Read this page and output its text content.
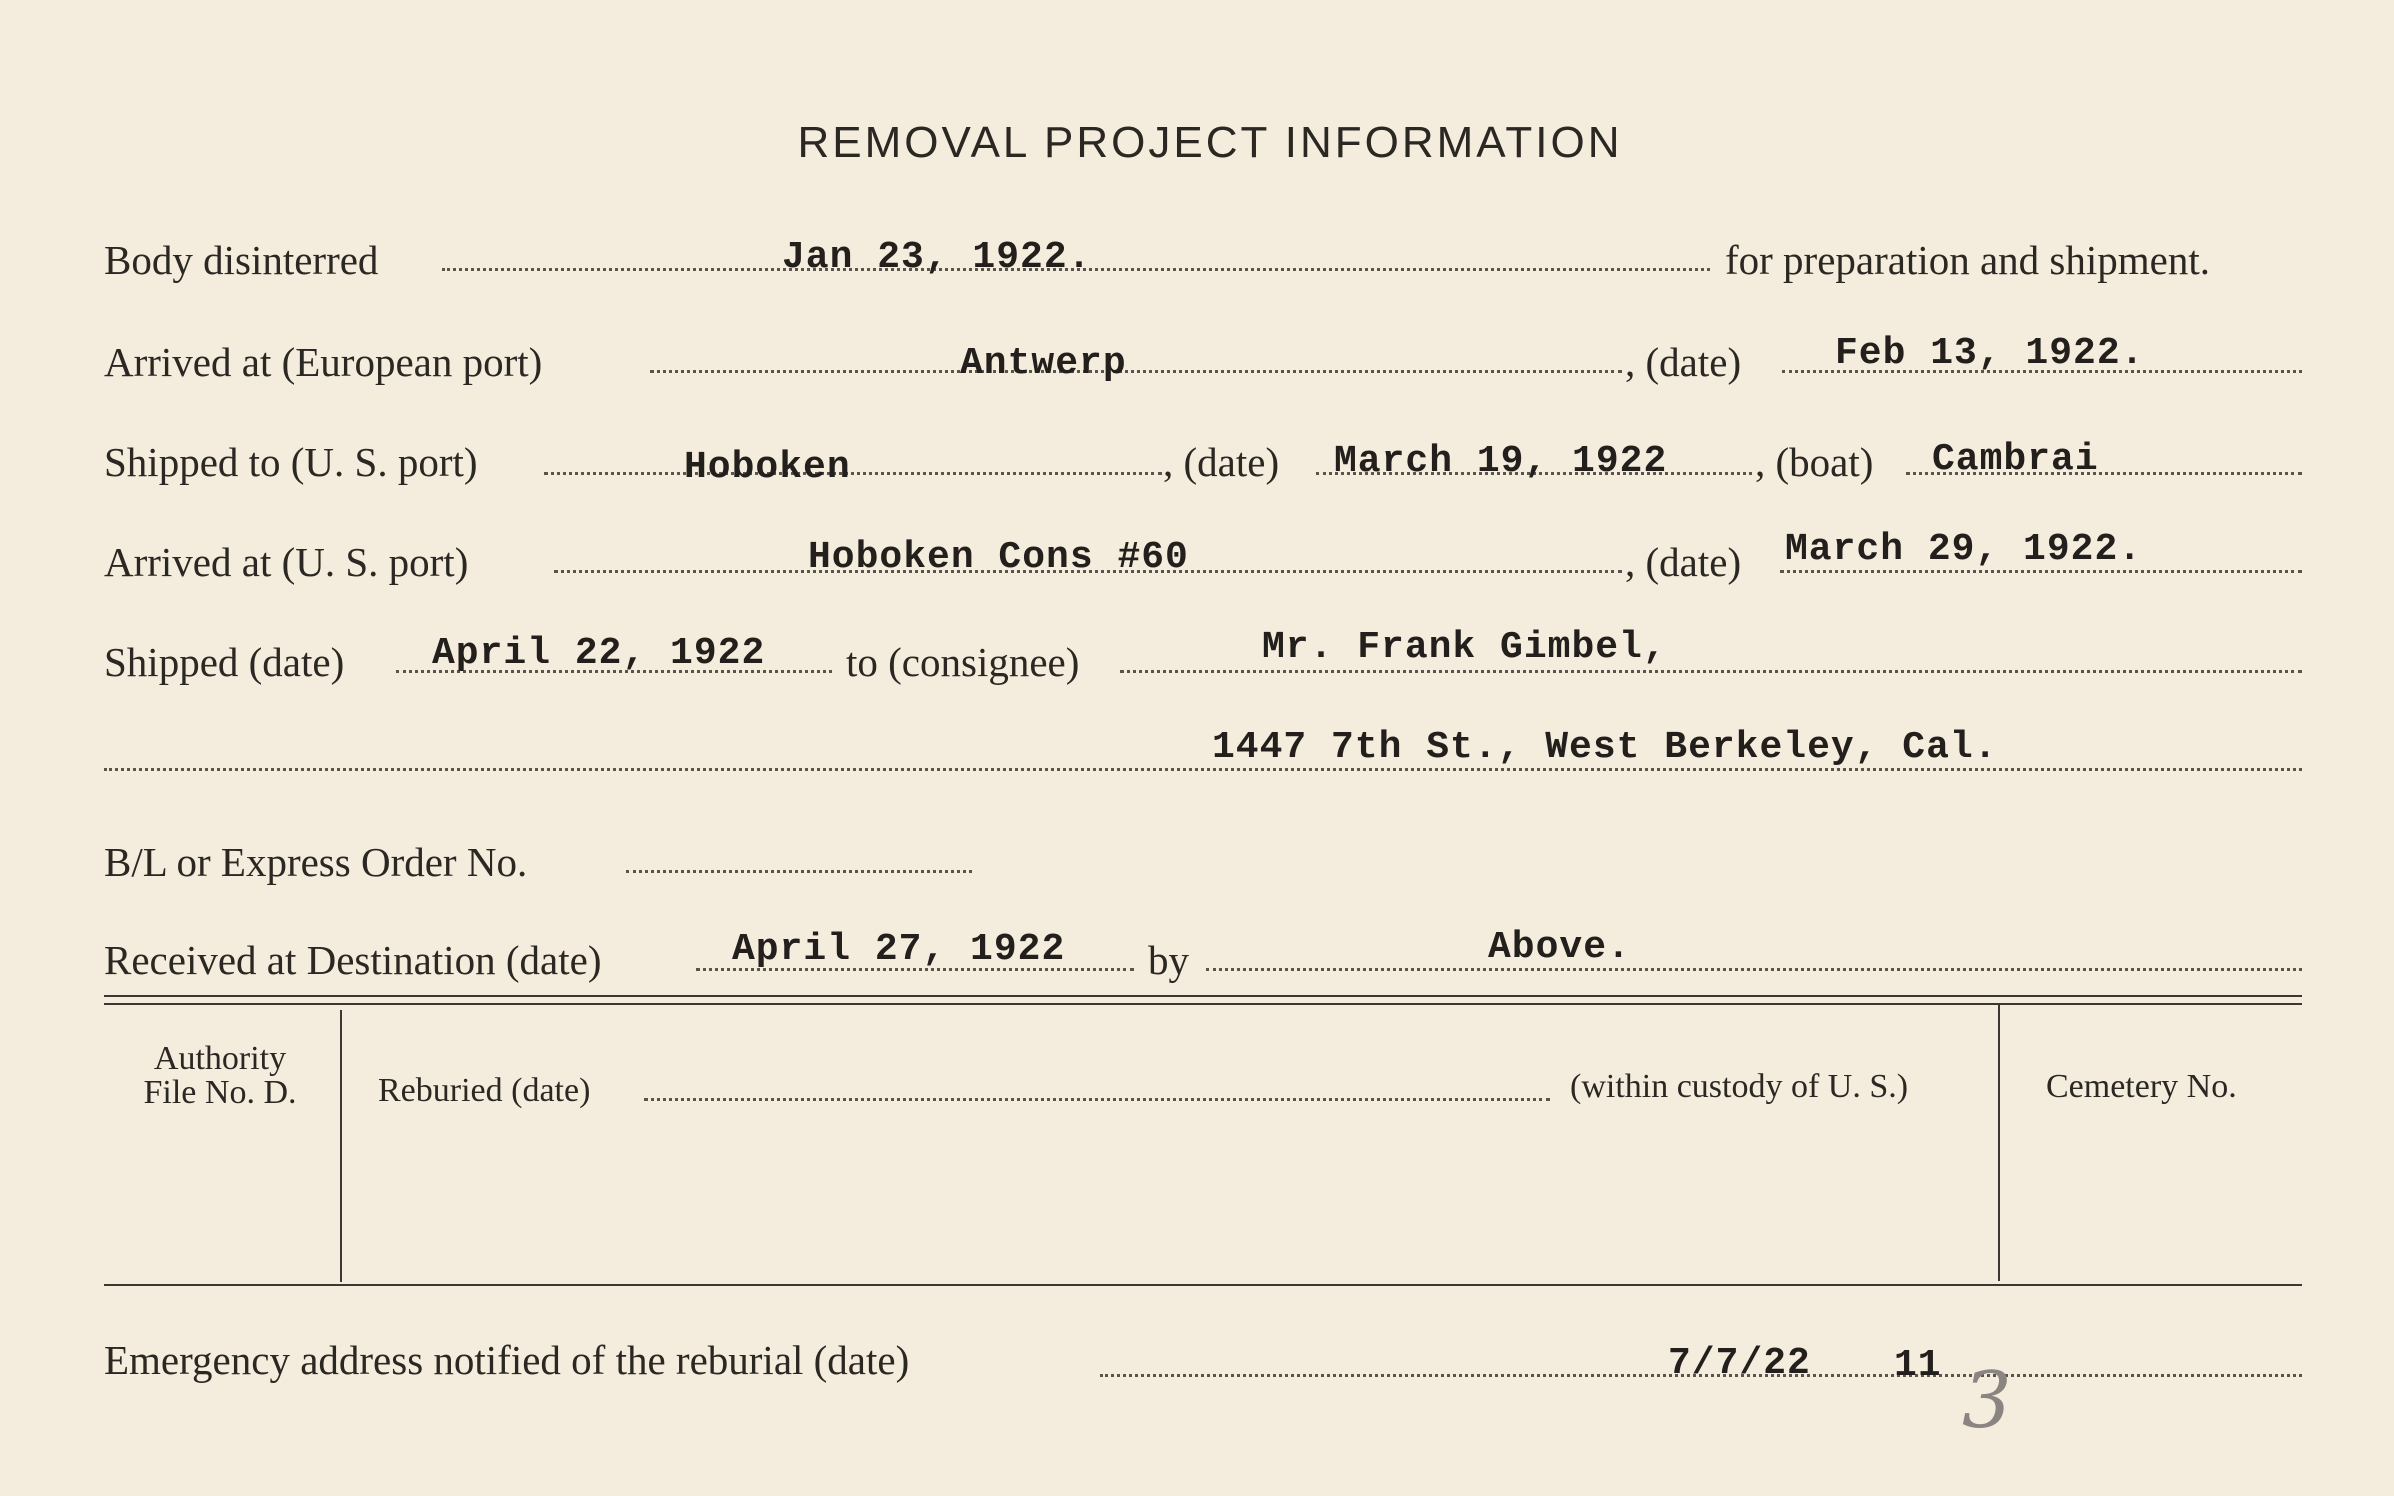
REMOVAL PROJECT INFORMATION
Body disinterred	Jan 23, 1922.	for preparation and shipment.
Arrived at (European port)	Antwerp	, (date) Feb 13, 1922.
Shipped to (U. S. port)	Hoboken	, (date) March 19, 1922 , (boat) Cambrai
Arrived at (U. S. port)	Hoboken Cons #60	, (date) March 29, 1922.
Shipped (date) April 22, 1922 to (consignee)	Mr. Frank Gimbel,
1447 7th St., West Berkeley, Cal.
B/L or Express Order No.
Received at Destination (date)	April 27, 1922 by	Above.
Authority
File No. D.	Reburied (date)	(within custody of U. S.)	Cemetery No.
Emergency address notified of the reburial (date)	7/7/22 11 3
